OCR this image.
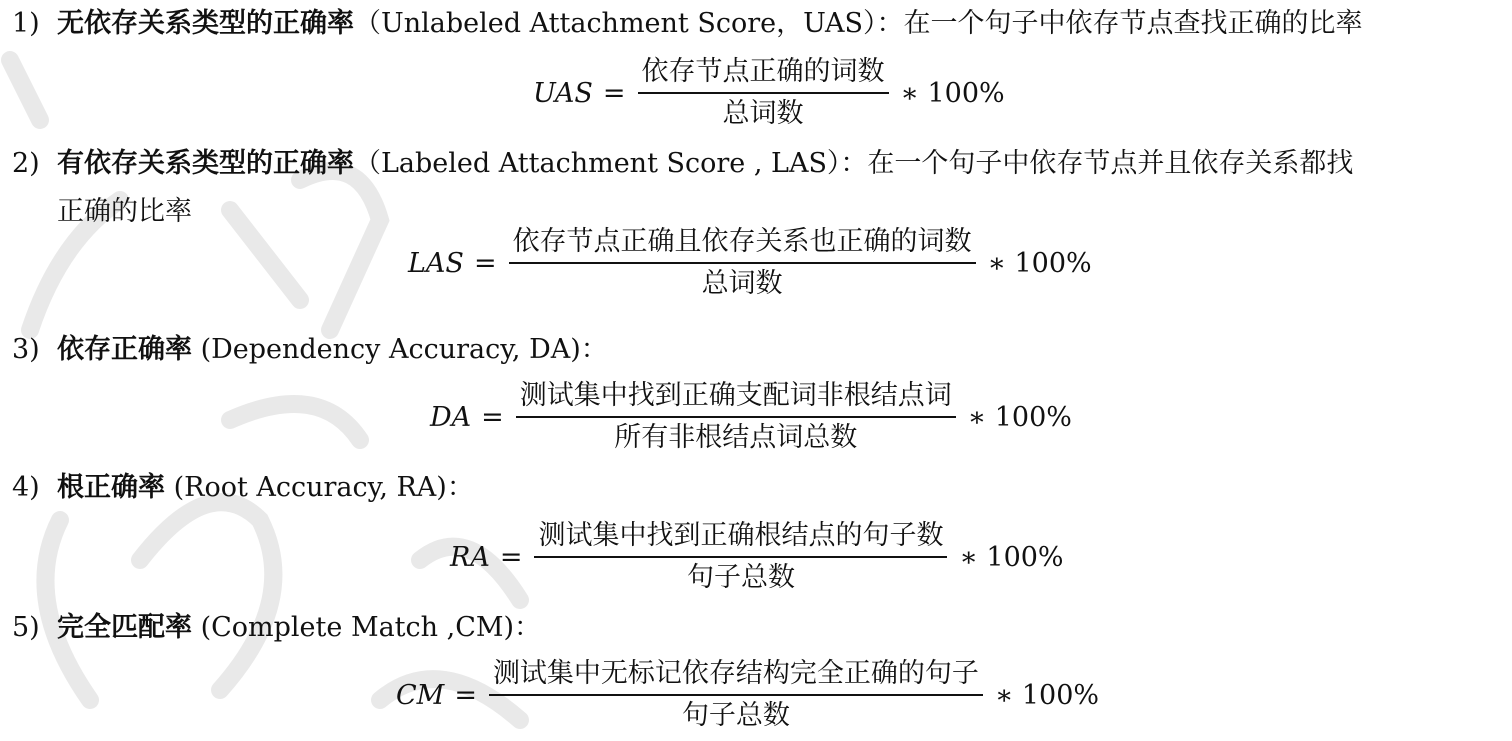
1) 无依存关系类型的正确率（Unlabeled Attachment Score，UAS）：在一个句子中依存节点查找正确的比率
UAS = $\frac{\text{依存节点正确的词数}}{\text{总词数}}$ ∗ 100%
2) 有依存关系类型的正确率（Labeled Attachment Score , LAS）：在一个句子中依存节点并且依存关系都找
正确的比率
LAS = $\frac{\text{依存节点正确且依存关系也正确的词数}}{\text{总词数}}$ ∗ 100%
3) 依存正确率 (Dependency Accuracy, DA)：
DA = $\frac{\text{测试集中找到正确支配词非根结点词}}{\text{所有非根结点词总数}}$ ∗ 100%
4) 根正确率 (Root Accuracy, RA)：
RA = $\frac{\text{测试集中找到正确根结点的句子数}}{\text{句子总数}}$ ∗ 100%
5) 完全匹配率 (Complete Match ,CM)：
CM = $\frac{\text{测试集中无标记依存结构完全正确的句子}}{\text{句子总数}}$ ∗ 100%
